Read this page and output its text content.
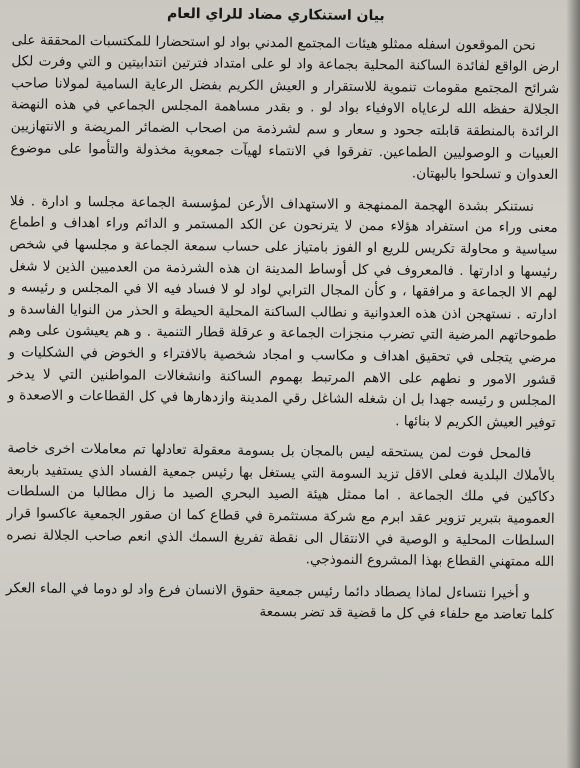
بيان استنكاري مضاد للراي العام

نحن الموقعون اسفله ممثلو هيئات المجتمع المدني بواد لو استحضارا للمكتسبات المحققة على ارض الواقع لفائدة الساكنة المحلية بجماعة واد لو على امتداد فترتين انتدابيتين و التي وفرت لكل شرائح المجتمع مقومات تنموية للاستقرار و العيش الكريم بفضل الرعاية السامية لمولانا صاحب الجلالة حفظه الله لرعاياه الاوفياء بواد لو . و بقدر مساهمة المجلس الجماعي في هذه النهضة الرائدة بالمنطقة قابلته جحود و سعار و سم لشرذمة من اصحاب الضمائر المريضة و الانتهازيين العبيات و الوصوليين الطماعين. تفرقوا في الانتماء لهيآت جمعوية مخذولة والتأموا على موضوع العدوان و تسلحوا بالبهتان.

نستنكر بشدة الهجمة الممنهجة و الاستهداف الأرعن لمؤسسة الجماعة مجلسا و ادارة . فلا معنى وراء من استفراد هؤلاء ممن لا يترنحون عن الكد المستمر و الدائم وراء اهداف و اطماع سياسية و محاولة تكريس للريع او الفوز بامتياز على حساب سمعة الجماعة و مجلسها في شخص رئيسها و ادارتها . فالمعروف في كل أوساط المدينة ان هذه الشرذمة من العدميين الذين لا شغل لهم الا الجماعة و مرافقها ، و كأن المجال الترابي لواد لو لا فساد فيه الا في المجلس و رئيسه و ادارته . نستهجن اذن هذه العدوانية و نطالب الساكنة المحلية الحيطة و الحذر من النوايا الفاسدة و طموحاتهم المرضية التي تضرب منجزات الجماعة و عرقلة قطار التنمية . و هم يعيشون على وهم مرضي يتجلى في تحقيق اهداف و مكاسب و امجاد شخصية بالافتراء و الخوض في الشكليات و قشور الامور و نطهم على الاهم المرتبط بهموم الساكنة وانشغالات المواطنين التي لا يدخر المجلس و رئيسه جهدا بل ان شغله الشاغل رقي المدينة وازدهارها في كل القطاعات و الاصعدة و توفير العيش الكريم لا بنائها .

فالمحل فوت لمن يستحقه ليس بالمجان بل بسومة معقولة تعادلها تم معاملات اخرى خاصة بالأملاك البلدية فعلى الاقل تزيد السومة التي يستغل بها رئيس جمعية الفساد الذي يستفيد باربعة دكاكين في ملك الجماعة . اما ممثل هيئة الصيد البحري الصيد ما زال مطالبا من السلطات العمومية بتبرير تزوير عقد ابرم مع شركة مستثمرة في قطاع كما ان صقور الجمعية عاكسوا قرار السلطات المحلية و الوصية في الانتقال الى نقطة تفريغ السمك الذي انعم صاحب الجلالة نصره الله ممتهني القطاع بهذا المشروع النموذجي.

و أخيرا نتساءل لماذا يصطاد دائما رئيس جمعية حقوق الانسان فرع واد لو دوما في الماء العكر كلما تعاضد مع حلفاء في كل ما قضية قد تضر بسمعة
